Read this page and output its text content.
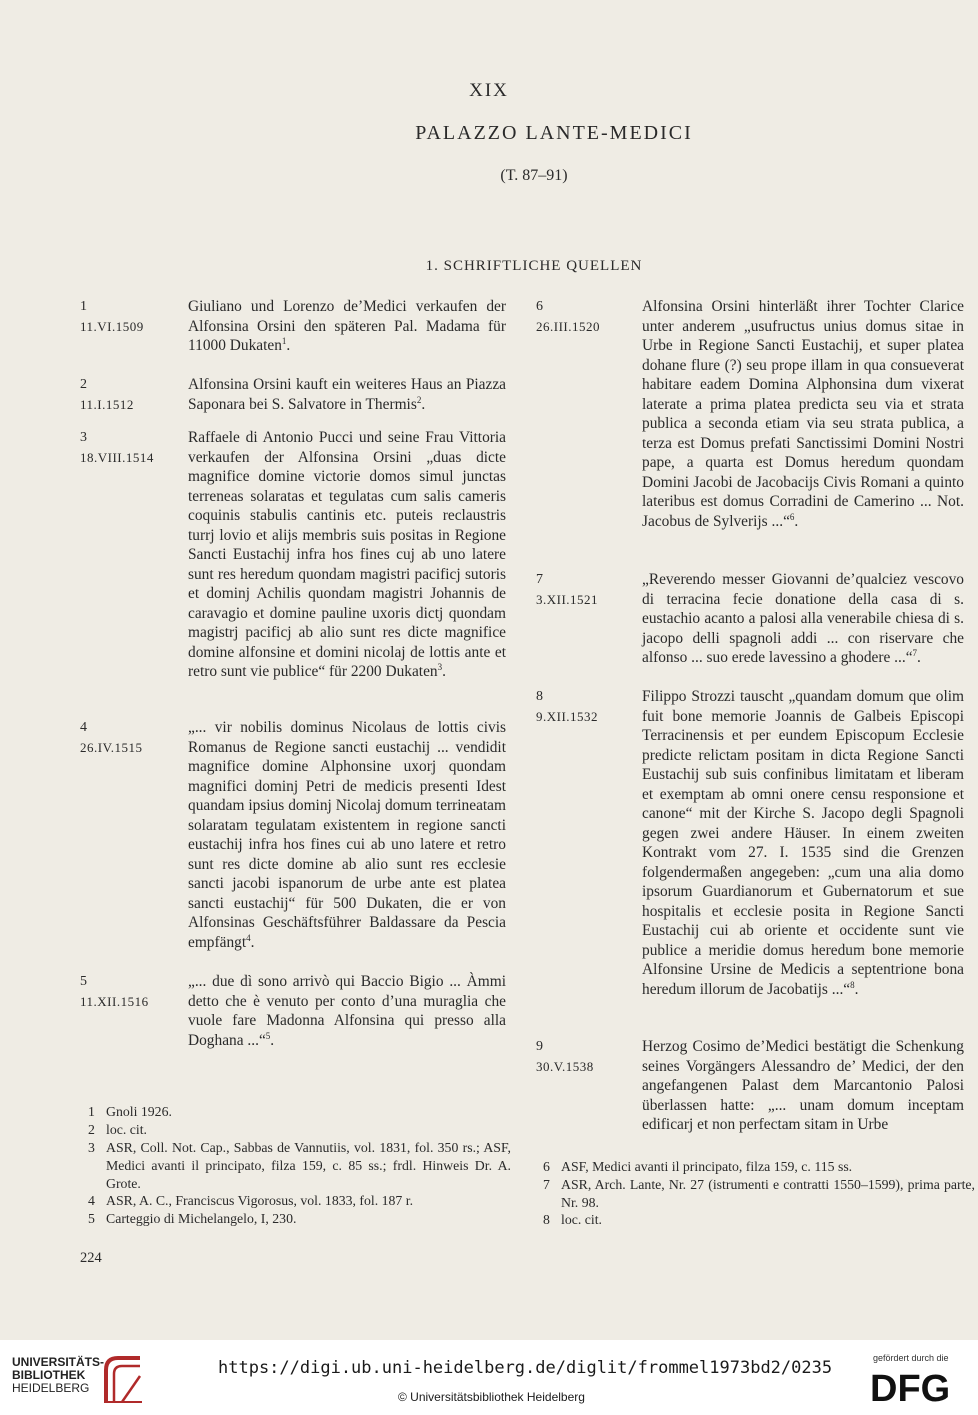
XIX
PALAZZO LANTE-MEDICI
(T. 87–91)
1. SCHRIFTLICHE QUELLEN
1
11.VI.1509
Giuliano und Lorenzo de’Medici verkaufen der Alfonsina Orsini den späteren Pal. Madama für 11000 Dukaten$^1$.
2
11.I.1512
Alfonsina Orsini kauft ein weiteres Haus an Piazza Saponara bei S. Salvatore in Thermis$^2$.
3
18.VIII.1514
Raffaele di Antonio Pucci und seine Frau Vittoria verkaufen der Alfonsina Orsini „duas dicte magnifice domine victorie domos simul junctas terreneas solaratas et tegulatas cum salis cameris coquinis stabulis cantinis etc. puteis reclaustris turrj lovio et alijs membris suis positas in Regione Sancti Eustachij infra hos fines cuj ab uno latere sunt res heredum quondam magistri pacificj sutoris et dominj Achilis quondam magistri Johannis de caravagio et domine pauline uxoris dictj quondam magistrj pacificj ab alio sunt res dicte magnifice domine alfonsine et domini nicolaj de lottis ante et retro sunt vie publice“ für 2200 Dukaten$^3$.
4
26.IV.1515
„... vir nobilis dominus Nicolaus de lottis civis Romanus de Regione sancti eustachij ... vendidit magnifice domine Alphonsine uxorj quondam magnifici dominj Petri de medicis presenti Idest quandam ipsius dominj Nicolaj domum terrineatam solaratam tegulatam existentem in regione sancti eustachij infra hos fines cui ab uno latere et retro sunt res dicte domine ab alio sunt res ecclesie sancti jacobi ispanorum de urbe ante est platea sancti eustachij“ für 500 Dukaten, die er von Alfonsinas Geschäftsführer Baldassare da Pescia empfängt$^4$.
5
11.XII.1516
„... due dì sono arrivò qui Baccio Bigio ... Àmmi detto che è venuto per conto d’una muraglia che vuole fare Madonna Alfonsina qui presso alla Doghana ...“$^5$.
6
26.III.1520
Alfonsina Orsini hinterläßt ihrer Tochter Clarice unter anderem „usufructus unius domus sitae in Urbe in Regione Sancti Eustachij, et super platea dohane flure (?) seu prope illam in qua consueverat habitare eadem Domina Alphonsina dum vixerat laterate a prima platea predicta seu via et strata publica a seconda etiam via seu strata publica, a terza est Domus prefati Sanctissimi Domini Nostri pape, a quarta est Domus heredum quondam Domini Jacobi de Jacobacijs Civis Romani a quinto lateribus est domus Corradini de Camerino ... Not. Jacobus de Sylverijs ...“$^6$.
7
3.XII.1521
„Reverendo messer Giovanni de’qualciez vescovo di terracina fecie donatione della casa di s. eustachio acanto a palosi alla venerabile chiesa di s. jacopo delli spagnoli addi ... con riservare che alfonso ... suo erede lavessino a ghodere ...“$^7$.
8
9.XII.1532
Filippo Strozzi tauscht „quandam domum que olim fuit bone memorie Joannis de Galbeis Episcopi Terracinensis et per eundem Episcopum Ecclesie predicte relictam positam in dicta Regione Sancti Eustachij sub suis confinibus limitatam et liberam et exemptam ab omni onere censu responsione et canone“ mit der Kirche S. Jacopo degli Spagnoli gegen zwei andere Häuser. In einem zweiten Kontrakt vom 27. I. 1535 sind die Grenzen folgendermaßen angegeben: „cum una alia domo ipsorum Guardianorum et Gubernatorum et sue hospitalis et ecclesie posita in Regione Sancti Eustachij cui ab oriente et occidente sunt vie publice a meridie domus heredum bone memorie Alfonsine Ursine de Medicis a septentrione bona heredum illorum de Jacobatijs ...“$^8$.
9
30.V.1538
Herzog Cosimo de’Medici bestätigt die Schenkung seines Vorgängers Alessandro de’ Medici, der den angefangenen Palast dem Marcantonio Palosi überlassen hatte: „... unam domum inceptam edificarj et non perfectam sitam in Urbe
1 Gnoli 1926.
2 loc. cit.
3 ASR, Coll. Not. Cap., Sabbas de Vannutiis, vol. 1831, fol. 350 rs.; ASF, Medici avanti il principato, filza 159, c. 85 ss.; frdl. Hinweis Dr. A. Grote.
4 ASR, A. C., Franciscus Vigorosus, vol. 1833, fol. 187 r.
5 Carteggio di Michelangelo, I, 230.
6 ASF, Medici avanti il principato, filza 159, c. 115 ss.
7 ASR, Arch. Lante, Nr. 27 (istrumenti e contratti 1550–1599), prima parte, Nr. 98.
8 loc. cit.
224
UNIVERSITÄTS-
BIBLIOTHEK
HEIDELBERG
https://digi.ub.uni-heidelberg.de/diglit/frommel1973bd2/0235
© Universitätsbibliothek Heidelberg
gefördert durch die
DFG
